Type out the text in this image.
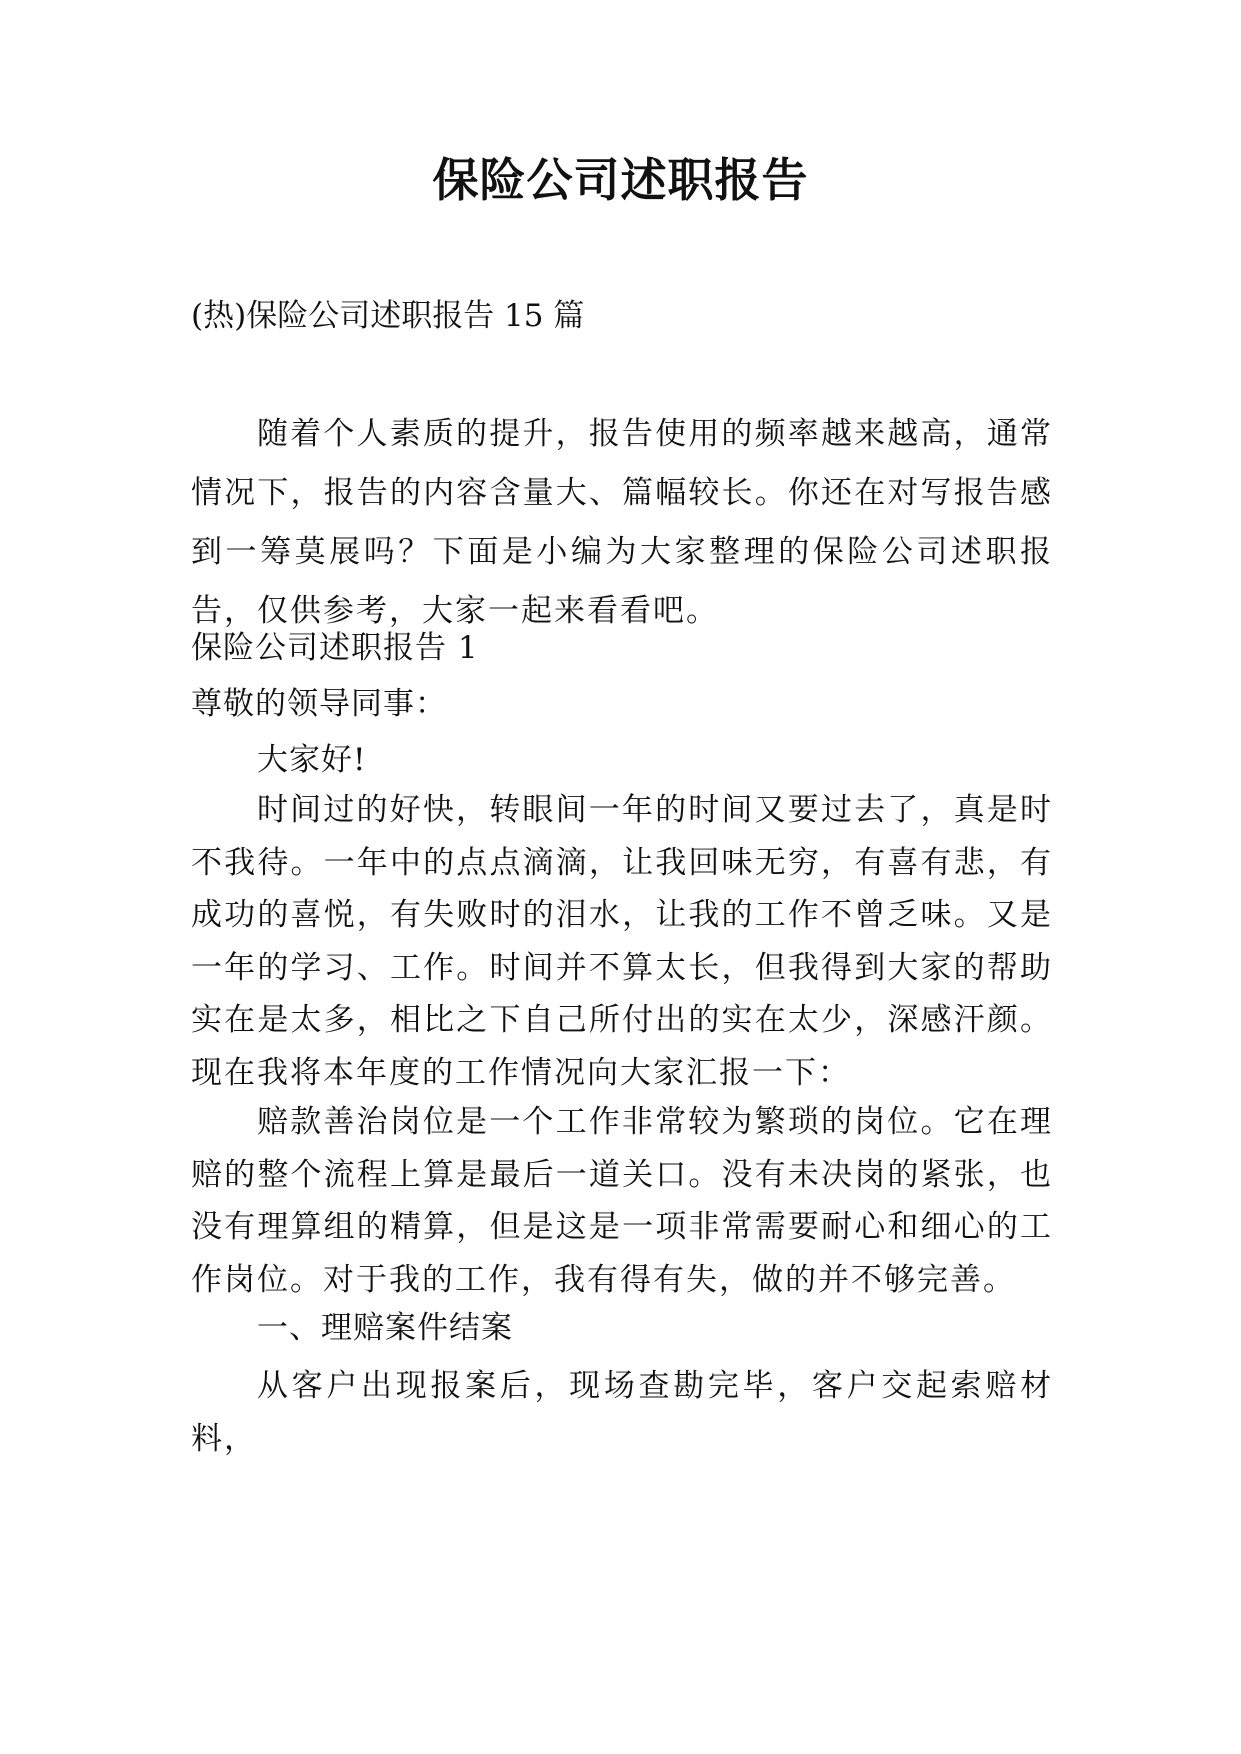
保险公司述职报告
(热)保险公司述职报告 15 篇
随着个人素质的提升，报告使用的频率越来越高，通常情况下，报告的内容含量大、篇幅较长。你还在对写报告感到一筹莫展吗？下面是小编为大家整理的保险公司述职报告，仅供参考，大家一起来看看吧。
保险公司述职报告 1
尊敬的领导同事：
大家好!
时间过的好快，转眼间一年的时间又要过去了，真是时不我待。一年中的点点滴滴，让我回味无穷，有喜有悲，有成功的喜悦，有失败时的泪水，让我的工作不曾乏味。又是一年的学习、工作。时间并不算太长，但我得到大家的帮助实在是太多，相比之下自己所付出的实在太少，深感汗颜。现在我将本年度的工作情况向大家汇报一下：
赔款善治岗位是一个工作非常较为繁琐的岗位。它在理赔的整个流程上算是最后一道关口。没有未决岗的紧张，也没有理算组的精算，但是这是一项非常需要耐心和细心的工作岗位。对于我的工作，我有得有失，做的并不够完善。
一、理赔案件结案
从客户出现报案后，现场查勘完毕，客户交起索赔材料，
